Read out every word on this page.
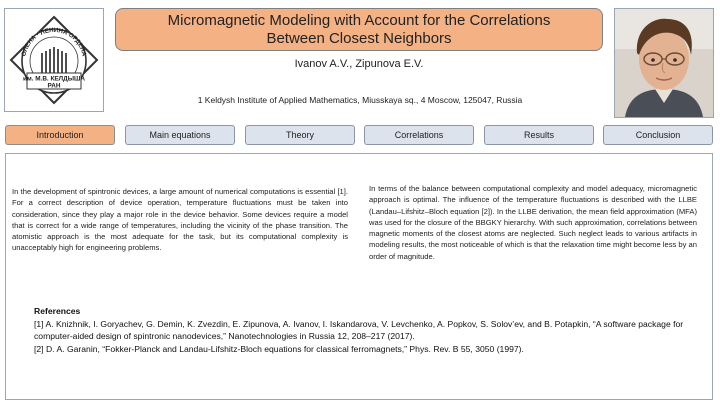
ОЛЕНА · ЛЕНИНА ОРДЕНА
им. М.В. КЕЛДЫША
РАН
Micromagnetic Modeling with Account for the Correlations
Between Closest Neighbors
Ivanov A.V., Zipunova E.V.
1 Keldysh Institute of Applied Mathematics, Miusskaya sq., 4 Moscow, 125047, Russia
Introduction	Main equations	Theory	Correlations	Results	Conclusion
In the development of spintronic devices, a large amount of numerical computations is essential [1]. For a correct description of device operation, temperature fluctuations must be taken into consideration, since they play a major role in the device behavior. Some devices require a model that is correct for a wide range of temperatures, including the vicinity of the phase transition. The atomistic approach is the most adequate for the task, but its computational complexity is unacceptably high for engineering problems.
In terms of the balance between computational complexity and model adequacy, micromagnetic approach is optimal. The influence of the temperature fluctuations is described with the LLBE (Landau–Lifshitz–Bloch equation [2]). In the LLBE derivation, the mean field approximation (MFA) was used for the closure of the BBGKY hierarchy. With such approximation, correlations between magnetic moments of the closest atoms are neglected. Such neglect leads to various artifacts in modeling results, the most noticeable of which is that the relaxation time might become less by an order of magnitude.
References
[1] A. Knizhnik, I. Goryachev, G. Demin, K. Zvezdin, E. Zipunova, A. Ivanov, I. Iskandarova, V. Levchenko, A. Popkov, S. Solov’ev, and B. Potapkin, “A software package for computer-aided design of spintronic nanodevices,” Nanotechnologies in Russia 12, 208–217 (2017).
[2] D. A. Garanin, “Fokker-Planck and Landau-Lifshitz-Bloch equations for classical ferromagnets,” Phys. Rev. B 55, 3050 (1997).
